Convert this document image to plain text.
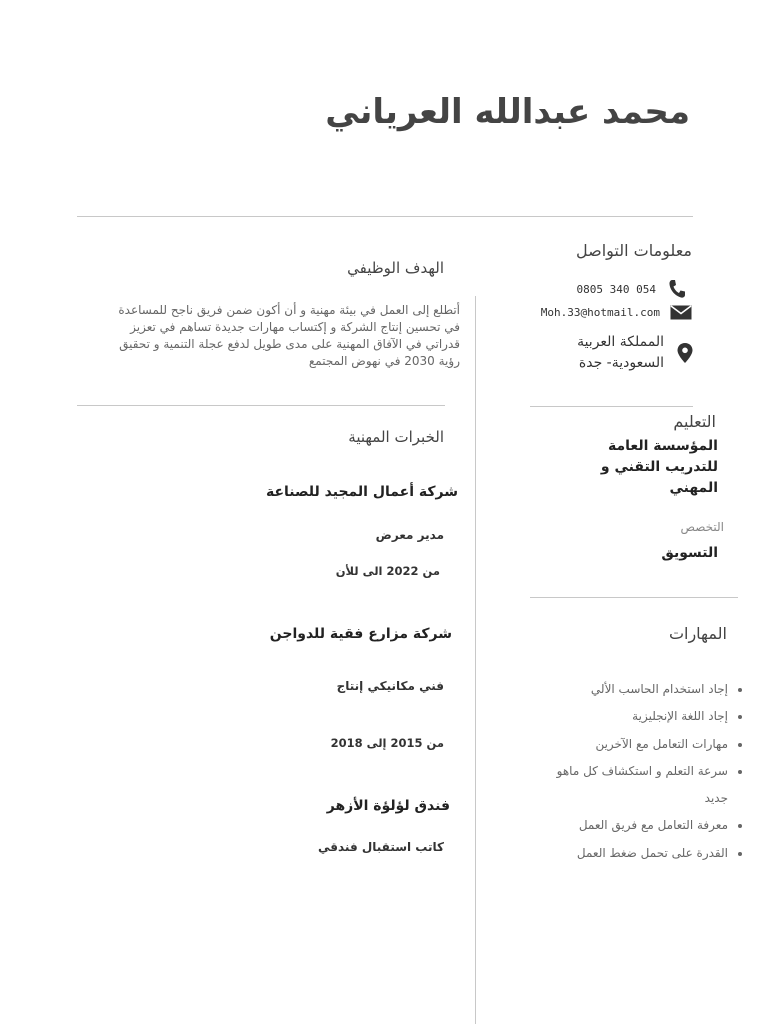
محمد عبدالله العرياني
معلومات التواصل
054 340 0805
Moh.33@hotmail.com
المملكة العربية السعودية- جدة
الهدف الوظيفي
أتطلع إلى العمل في بيئة مهنية و أن أكون ضمن فريق ناجح للمساعدة في تحسين إنتاج الشركة و إكتساب مهارات جديدة تساهم في تعزيز قدراتي في الآفاق المهنية على مدى طويل لدفع عجلة التنمية و تحقيق رؤية 2030 في نهوض المجتمع
الخبرات المهنية
شركة أعمال المجيد للصناعة
مدير معرض
من 2022 الى للأن
شركة مزارع فقية للدواجن
فني مكانيكي إنتاج
من 2015 إلى 2018
فندق لؤلؤة الأزهر
كاتب استقبال فندقي
التعليم
المؤسسة العامة للتدريب التقني و المهني
التخصص
التسويق
المهارات
• إجاد استخدام الحاسب الألي
• إجاد اللغة الإنجليزية
• مهارات التعامل مع الآخرين
• سرعة التعلم و استكشاف كل ماهو جديد
• معرفة التعامل مع فريق العمل
• القدرة على تحمل ضغط العمل
